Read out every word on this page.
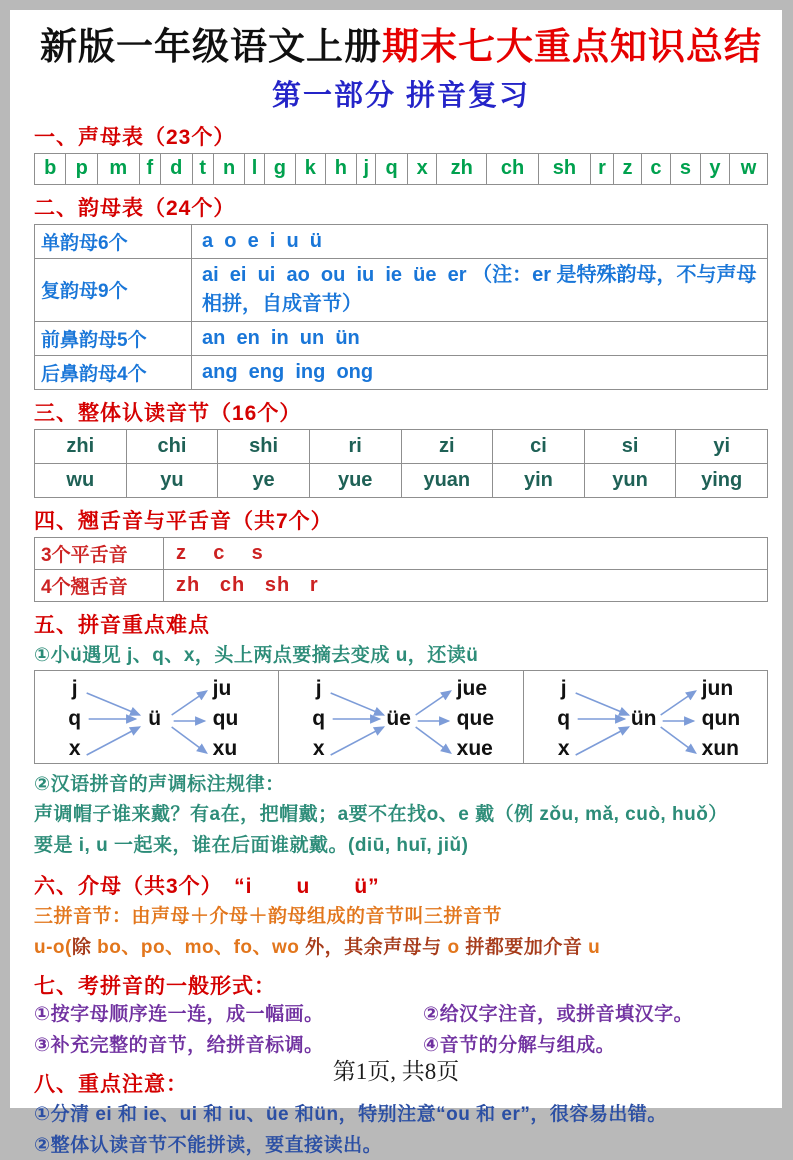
新版一年级语文上册期末七大重点知识总结
第一部分 拼音复习
一、声母表（23个）
b	p	m	f	d	t	n	l	g	k	h	j	q	x	zh	ch	sh	r	z	c	s	y	w
二、韵母表（24个）
单韵母6个	a  o  e  i  u  ü
复韵母9个	ai  ei  ui  ao  ou  iu  ie  üe  er （注：er 是特殊韵母，不与声母相拼，自成音节）
前鼻韵母5个	an  en  in  un  ün
后鼻韵母4个	ang  eng  ing  ong
三、整体认读音节（16个）
zhi	chi	shi	ri	zi	ci	si	yi
wu	yu	ye	yue	yuan	yin	yun	ying
四、翘舌音与平舌音（共7个）
3个平舌音	z    c    s
4个翘舌音	zh   ch   sh   r
五、拼音重点难点
①小ü遇见 j、q、x，头上两点要摘去变成 u，还读ü
j
q
x
ü
ju
qu
xu

j
q
x
üe
jue
que
xue

j
q
x
ün
jun
qun
xun
②汉语拼音的声调标注规律：
声调帽子谁来戴？有a在，把帽戴；a要不在找o、e 戴（例 zǒu, mǎ, cuò, huǒ）
要是 i, u 一起来，谁在后面谁就戴。(diū, huī, jiǔ)
六、介母（共3个）　“i　　u　　ü”
三拼音节：由声母＋介母＋韵母组成的音节叫三拼音节
u-o(除 bo、po、mo、fo、wo 外，其余声母与 o 拼都要加介音 u
七、考拼音的一般形式：
①按字母顺序连一连，成一幅画。	②给汉字注音，或拼音填汉字。
③补充完整的音节，给拼音标调。	④音节的分解与组成。
八、重点注意：
①分清 ei 和 ie、ui 和 iu、üe 和ün，特别注意“ou 和 er”，很容易出错。
②整体认读音节不能拼读，要直接读出。
第1页, 共8页
